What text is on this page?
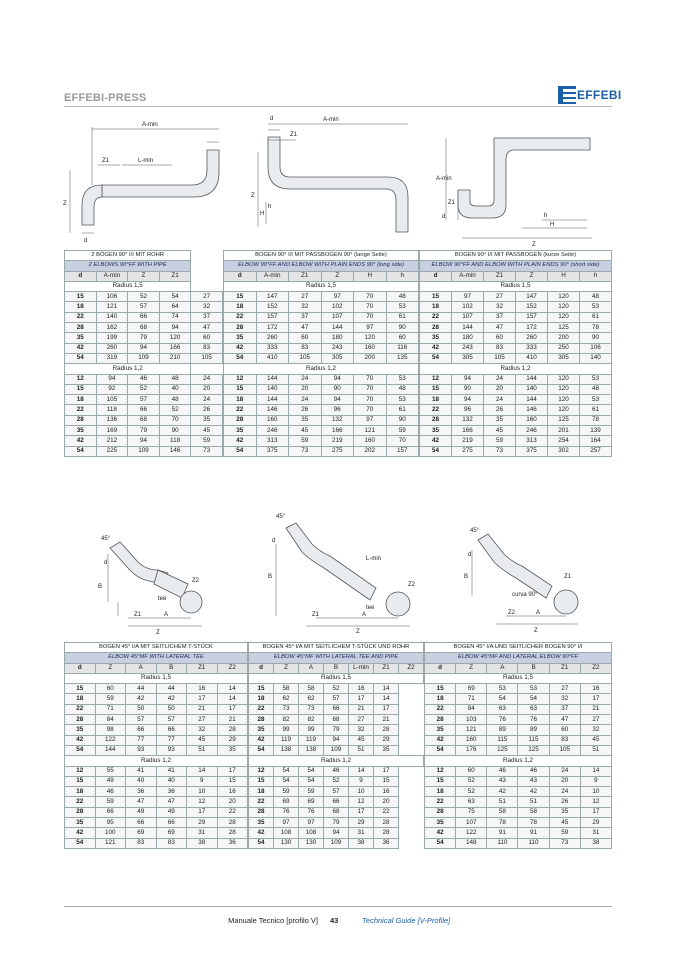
EFFEBI-PRESS	EFFEBI
A-min
Z1	L-min
Z
d
d
Z1
A-min
Z
H
h
A-min
Z1
d	h
H
Z
45°
d
B
tee
Z2
Z1	A
Z
45°
d
B
L-min
tee
Z2
Z1	A
Z
45°
d
B
curva 90°
Z1
Z2	A
Z
2 BÖGEN 90° I/I MIT ROHR				
2 ELBOWS 90°FF WITH PIPE				
d	A-min	Z	Z1	
Radius 1,5				
15	106	52	54	27
18	121	57	64	32
22	140	66	74	37
28	162	68	94	47
35	199	79	120	60
42	260	94	166	83
54	319	109	210	105
Radius 1,2				
12	94	46	48	24
15	92	52	40	20
18	105	57	48	24
22	118	66	52	26
28	136	68	70	35
35	169	79	90	45
42	212	94	118	59
54	225	109	146	73
BOGEN 90° I/I MIT PASSBOGEN 90° (lange Seite)					
ELBOW 90°FF AND ELBOW WITH PLAIN ENDS 90° (long side)					
d	A-min	Z1	Z	H	h
Radius 1,5					
15	147	27	97	70	48
18	152	32	102	70	53
22	157	37	107	70	61
28	172	47	144	97	90
35	260	60	180	120	60
42	333	83	243	160	116
54	410	105	305	200	135
Radius 1,2					
12	144	24	94	70	53
15	140	20	90	70	48
18	144	24	94	70	53
22	146	26	96	70	61
28	160	35	132	97	90
35	246	45	166	121	59
42	313	59	219	160	70
54	375	73	275	202	157
BOGEN 90° I/I MIT PASSBOGEN (kurze Seite)					
ELBOW 90°FF AND ELBOW WITH PLAIN ENDS 90° (short side)					
d	A-min	Z1	Z	H	h
Radius 1,5					
15	97	27	147	120	48
18	102	32	152	120	53
22	107	37	157	120	61
28	144	47	172	125	78
35	180	60	260	200	90
42	243	83	333	250	106
54	305	105	410	305	140
Radius 1,2					
12	94	24	144	120	53
15	90	20	140	120	48
18	94	24	144	120	53
22	96	26	146	120	61
28	132	35	160	125	78
35	166	45	246	201	139
42	219	59	313	254	164
54	275	73	375	302	257
BOGEN 45° I/A MIT SEITLICHEM T-STÜCK					
ELBOW 45°MF WITH LATERAL TEE					
d	Z	A	B	Z1	Z2
Radius 1,5					
15	60	44	44	16	14
18	59	42	42	17	14
22	71	50	50	21	17
28	84	57	57	27	21
35	98	66	66	32	28
42	122	77	77	45	29
54	144	93	93	51	35
Radius 1,2					
12	55	41	41	14	17
15	49	40	40	9	15
18	46	36	36	10	16
22	59	47	47	12	20
28	66	49	49	17	22
35	95	66	66	29	28
42	100	69	69	31	28
54	121	83	83	38	36
BOGEN 45° I/A MIT SEITLICHEM T-STÜCK UND ROHR						
ELBOW 45°MF WITH LATERAL TEE AND PIPE						
d	Z	A	B	L-min	Z1	Z2
Radius 1,5						
15	58	58	52	16	14	
18	62	62	57	17	14	
22	73	73	66	21	17	
28	82	82	68	27	21	
35	99	99	79	32	28	
42	119	119	94	45	29	
54	138	138	109	51	35	
Radius 1,2						
12	54	54	46	14	17	
15	54	54	52	9	15	
18	59	59	57	10	16	
22	69	69	66	12	20	
28	76	76	68	17	22	
35	97	97	79	29	28	
42	108	108	94	31	28	
54	130	130	109	38	36	
BOGEN 45° I/A UND SEITLICHER BOGEN 90° I/I					
ELBOW 45°MF AND LATERAL ELBOW 90°FF					
d	Z	A	B	Z1	Z2
Radius 1,5					
15	69	53	53	27	16
18	71	54	54	32	17
22	84	63	63	37	21
28	103	76	76	47	27
35	121	89	89	60	32
42	160	115	115	83	45
54	176	125	125	105	51
Radius 1,2					
12	60	46	46	24	14
15	52	43	43	20	9
18	52	42	42	24	10
22	63	51	51	26	12
28	75	58	58	35	17
35	107	78	78	45	29
42	122	91	91	59	31
54	148	110	110	73	38
Manuale Tecnico [profilo V] 43	Technical Guide [V-Profile]
